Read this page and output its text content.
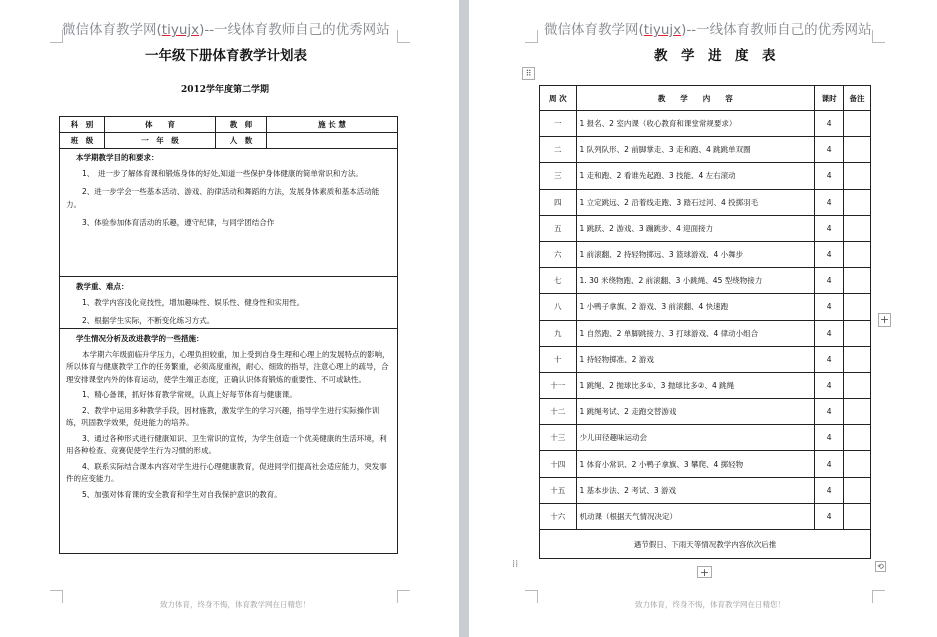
微信体育教学网(tiyujx)--一线体育教师自己的优秀网站
一年级下册体育教学计划表
2012学年度第二学期
科　别	体　　育	教　师	施 长 慧
班　级	一　年　级	人　数	
本学期教学目的和要求：
1、　进一步了解体育课和锻炼身体的好处,知道一些保护身体健康的简单常识和方法。
2、进一步学会一些基本活动、游戏、韵律活动和舞蹈的方法，发展身体素质和基本活动能力。
3、体验参加体育活动的乐趣，遵守纪律，与同学团结合作
教学重、难点：
1、教学内容浅化竞技性，增加趣味性、娱乐性、健身性和实用性。
2、根据学生实际，不断变化练习方式。
学生情况分析及改进教学的一些措施：
本学期六年级面临升学压力，心理负担较重，加上受到自身生理和心理上的发展特点的影响，所以体育与健康教学工作的任务繁重，必须高度重视，耐心、细致的指导，注意心理上的疏导，合理安排课堂内外的体育运动，使学生端正态度，正确认识体育锻炼的重要性、不可或缺性。
1、精心备课，抓好体育教学常规，认真上好每节体育与健康课。
2、教学中运用多种教学手段，因材施教，激发学生的学习兴趣，指导学生进行实际操作训练，巩固教学效果，促进能力的培养。
3、通过各种形式进行健康知识、卫生常识的宣传，为学生创造一个优美健康的生活环境，利用各种检查、竞赛促使学生行为习惯的形成。
4、联系实际结合课本内容对学生进行心理健康教育，促进同学们提高社会适应能力，突发事件的应变能力。
5、加强对体育课的安全教育和学生对自我保护意识的教育。
致力体育，终身不悔，体育教学网在日精您！
微信体育教学网(tiyujx)--一线体育教师自己的优秀网站
教　学　进　度　表
⠿
周 次	教　　学　　内　　容	课时	备注
一	1 报名、2 室内课（收心教育和课堂常规要求）	4	
二	1 队列队形、2 前脚掌走、3 走和跑、4 跳跳单双圈	4	
三	1 走和跑、2 看谁先起跑、3 技能、4 左右滚动	4	
四	1 立定跳远、2 沿着线走跑、3 踏石过河、4 投掷羽毛	4	
五	1 跳跃、2 游戏、3 蹦跳步、4 迎面接力	4	
六	1 前滚翻、2 持轻物掷远、3 篮球游戏、4 小舞步	4	
七	1. 30 米绕物跑、2 前滚翻、3 小跳绳、45 型绕物接力	4	
八	1 小鸭子拿旗、2 游戏、3 前滚翻、4 快速跑	4	
九	1 自然跑、2 单脚跳接力、3 打球游戏、4 律动小组合	4	
十	1 持轻物掷准、2 游戏	4	
十一	1 跳绳、2 抛球比多①、3 抛球比多②、4 跳绳	4	
十二	1 跳绳考试、2 走跑交替游戏	4	
十三	少儿田径趣味运动会	4	
十四	1 体育小常识、2 小鸭子拿旗、3 攀爬、4 掷轻物	4	
十五	1 基本步法、2 考试、3 游戏	4	
十六	机动课（根据天气情况决定）	4	
遇节假日、下雨天等情况教学内容依次后推			
+
+
⟲
⁞⁞
致力体育，终身不悔，体育教学网在日精您！
